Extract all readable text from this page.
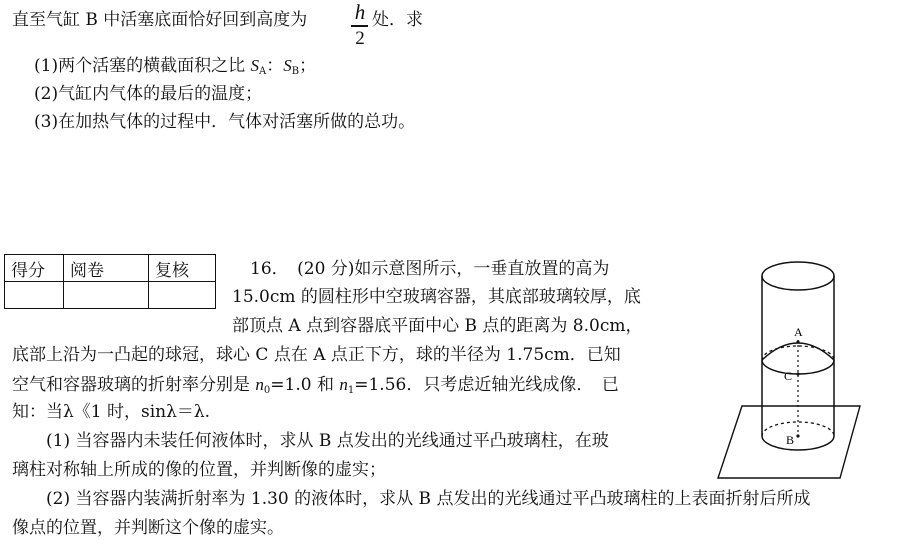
直至气缸 B 中活塞底面恰好回到高度为 h
2
处．求
(1)两个活塞的横截面积之比 $S_A$：$S_B$；
(2)气缸内气体的最后的温度；
(3)在加热气体的过程中．气体对活塞所做的总功。
得分	阅卷	复核
			16．　(20 分)如示意图所示，一垂直放置的高为
15.0cm 的圆柱形中空玻璃容器，其底部玻璃较厚，底
部顶点 A 点到容器底平面中心 B 点的距离为 8.0cm，
底部上沿为一凸起的球冠，球心 C 点在 A 点正下方，球的半径为 1.75cm．已知
空气和容器玻璃的折射率分别是 $n_0=1.0$ 和 $n_1=1.56$．只考虑近轴光线成像．　已
知：当λ《1 时，sinλ＝λ.
(1) 当容器内未装任何液体时，求从 B 点发出的光线通过平凸玻璃柱，在玻
璃柱对称轴上所成的像的位置，并判断像的虚实；
(2) 当容器内装满折射率为 1.30 的液体时，求从 B 点发出的光线通过平凸玻璃柱的上表面折射后所成
像点的位置，并判断这个像的虚实。
A
C
B
